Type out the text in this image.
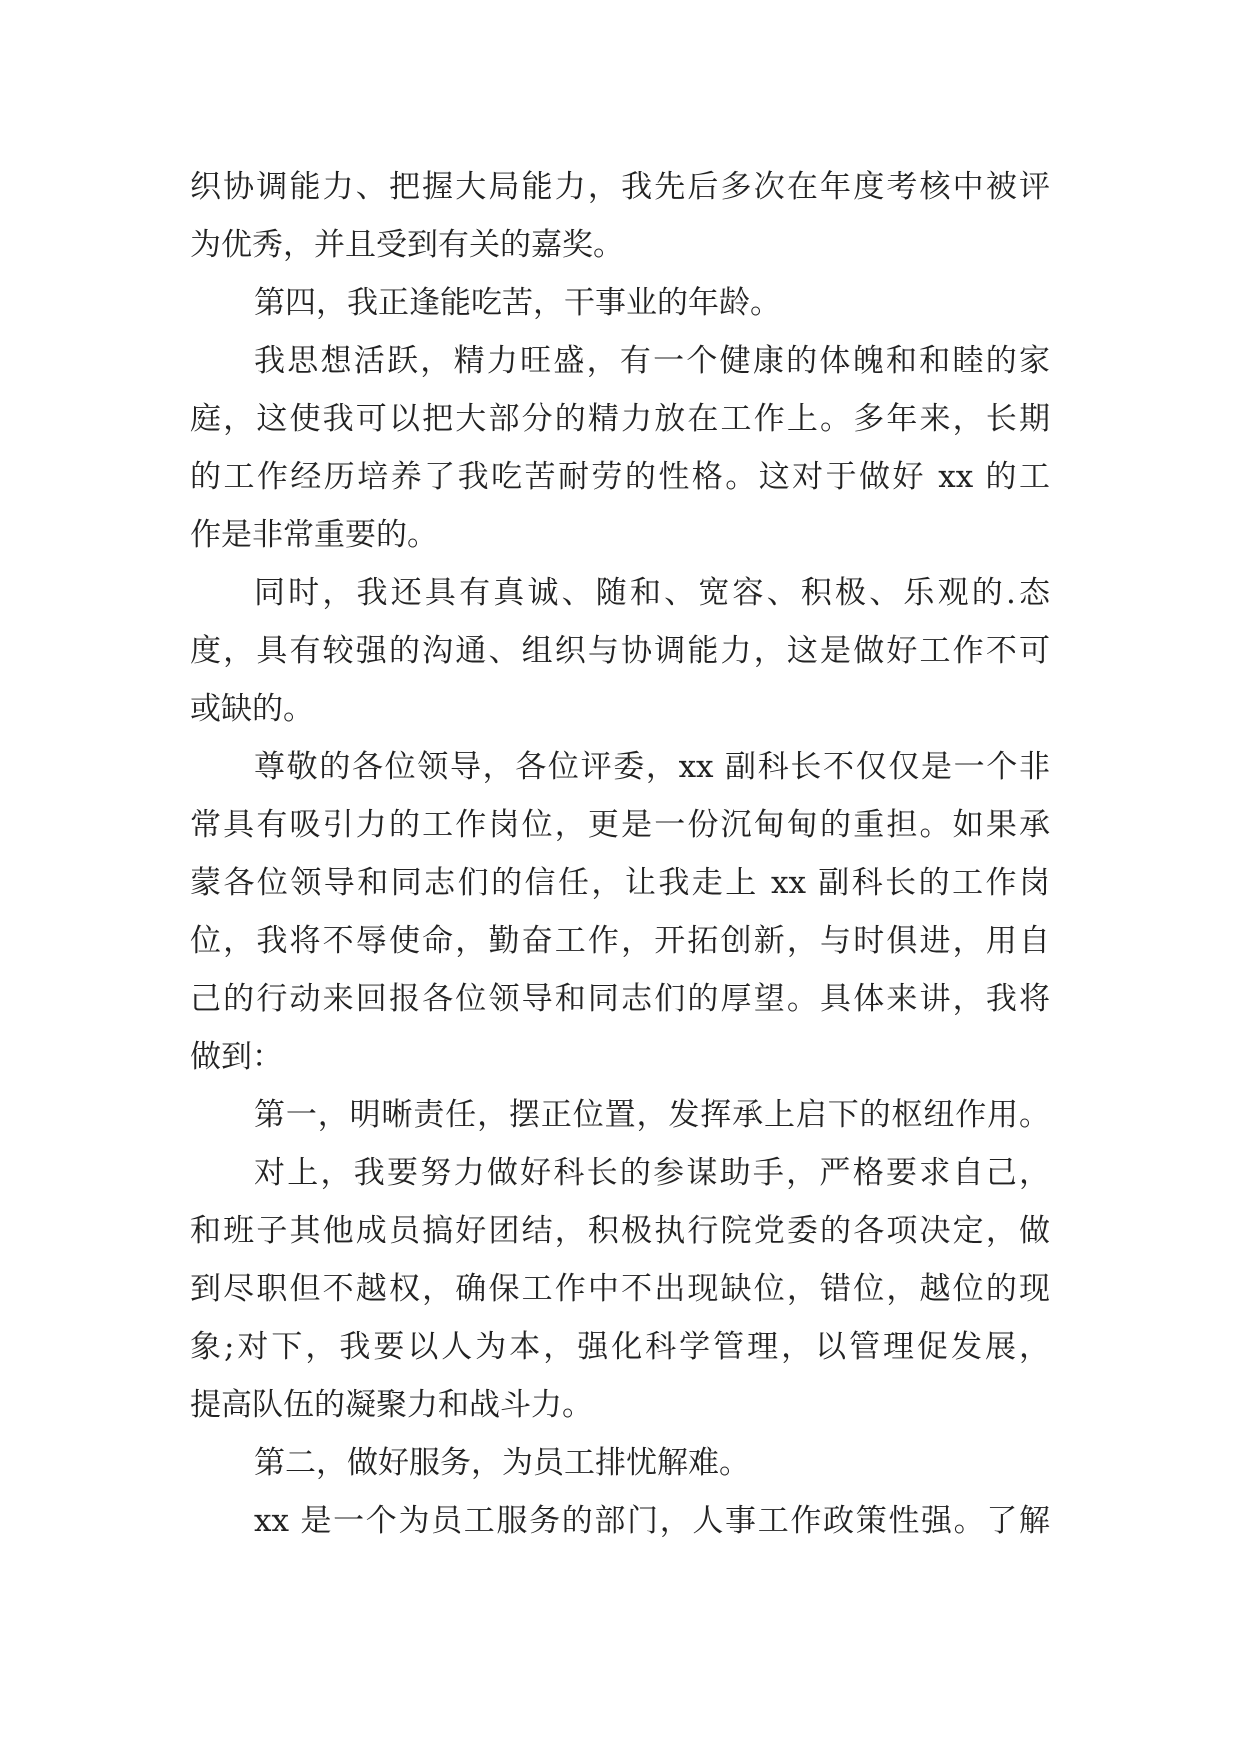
织协调能力、把握大局能力，我先后多次在年度考核中被评
为优秀，并且受到有关的嘉奖。
第四，我正逢能吃苦，干事业的年龄。
我思想活跃，精力旺盛，有一个健康的体魄和和睦的家
庭，这使我可以把大部分的精力放在工作上。多年来，长期
的工作经历培养了我吃苦耐劳的性格。这对于做好 xx 的工
作是非常重要的。
同时，我还具有真诚、随和、宽容、积极、乐观的.态
度，具有较强的沟通、组织与协调能力，这是做好工作不可
或缺的。
尊敬的各位领导，各位评委，xx 副科长不仅仅是一个非
常具有吸引力的工作岗位，更是一份沉甸甸的重担。如果承
蒙各位领导和同志们的信任，让我走上 xx 副科长的工作岗
位，我将不辱使命，勤奋工作，开拓创新，与时俱进，用自
己的行动来回报各位领导和同志们的厚望。具体来讲，我将
做到：
第一，明晰责任，摆正位置，发挥承上启下的枢纽作用。
对上，我要努力做好科长的参谋助手，严格要求自己，
和班子其他成员搞好团结，积极执行院党委的各项决定，做
到尽职但不越权，确保工作中不出现缺位，错位，越位的现
象;对下，我要以人为本，强化科学管理，以管理促发展，
提高队伍的凝聚力和战斗力。
第二，做好服务，为员工排忧解难。
xx 是一个为员工服务的部门，人事工作政策性强。了解
